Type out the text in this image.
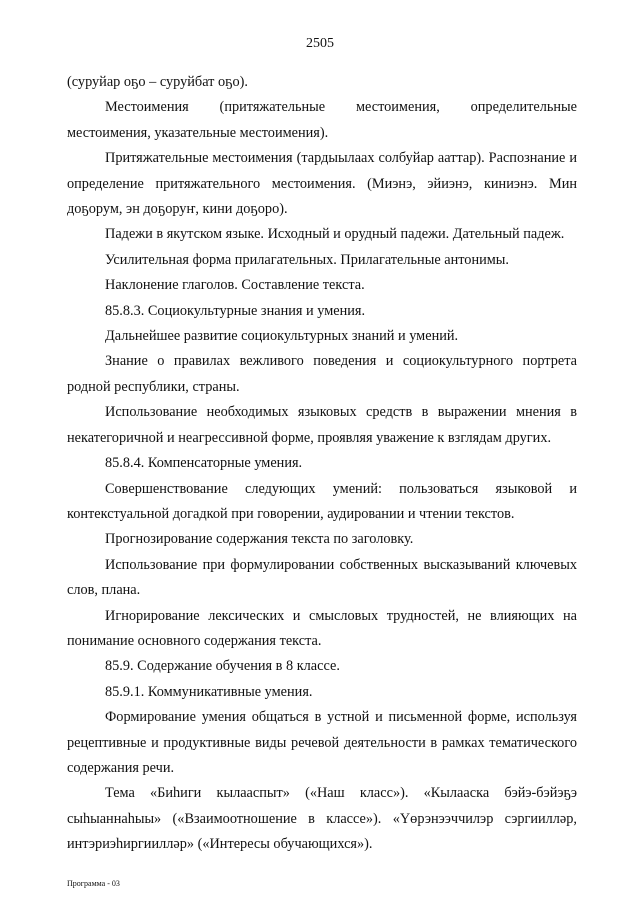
2505

(суруйар оҕо – суруйбат оҕо).

Местоимения (притяжательные местоимения, определительные местоимения, указательные местоимения).

Притяжательные местоимения (тардыылаах солбуйар ааттар). Распознание и определение притяжательного местоимения. (Миэнэ, эйиэнэ, киниэнэ. Мин доҕорум, эн доҕоруҥ, кини доҕоро).

Падежи в якутском языке. Исходный и орудный падежи. Дательный падеж.

Усилительная форма прилагательных. Прилагательные антонимы.

Наклонение глаголов. Составление текста.

85.8.3. Социокультурные знания и умения.

Дальнейшее развитие социокультурных знаний и умений.

Знание о правилах вежливого поведения и социокультурного портрета родной республики, страны.

Использование необходимых языковых средств в выражении мнения в некатегоричной и неагрессивной форме, проявляя уважение к взглядам других.

85.8.4. Компенсаторные умения.

Совершенствование следующих умений: пользоваться языковой и контекстуальной догадкой при говорении, аудировании и чтении текстов.

Прогнозирование содержания текста по заголовку.

Использование при формулировании собственных высказываний ключевых слов, плана.

Игнорирование лексических и смысловых трудностей, не влияющих на понимание основного содержания текста.

85.9. Содержание обучения в 8 классе.

85.9.1. Коммуникативные умения.

Формирование умения общаться в устной и письменной форме, используя рецептивные и продуктивные виды речевой деятельности в рамках тематического содержания речи.

Тема «Биһиги кылааспыт» («Наш класс»). «Кылааска бэйэ-бэйэҕэ сыһыаннаһыы» («Взаимоотношение в классе»). «Үөрэнээччилэр сэргиилләр, интэриэһиргиилләр» («Интересы обучающихся»).

Программа - 03
